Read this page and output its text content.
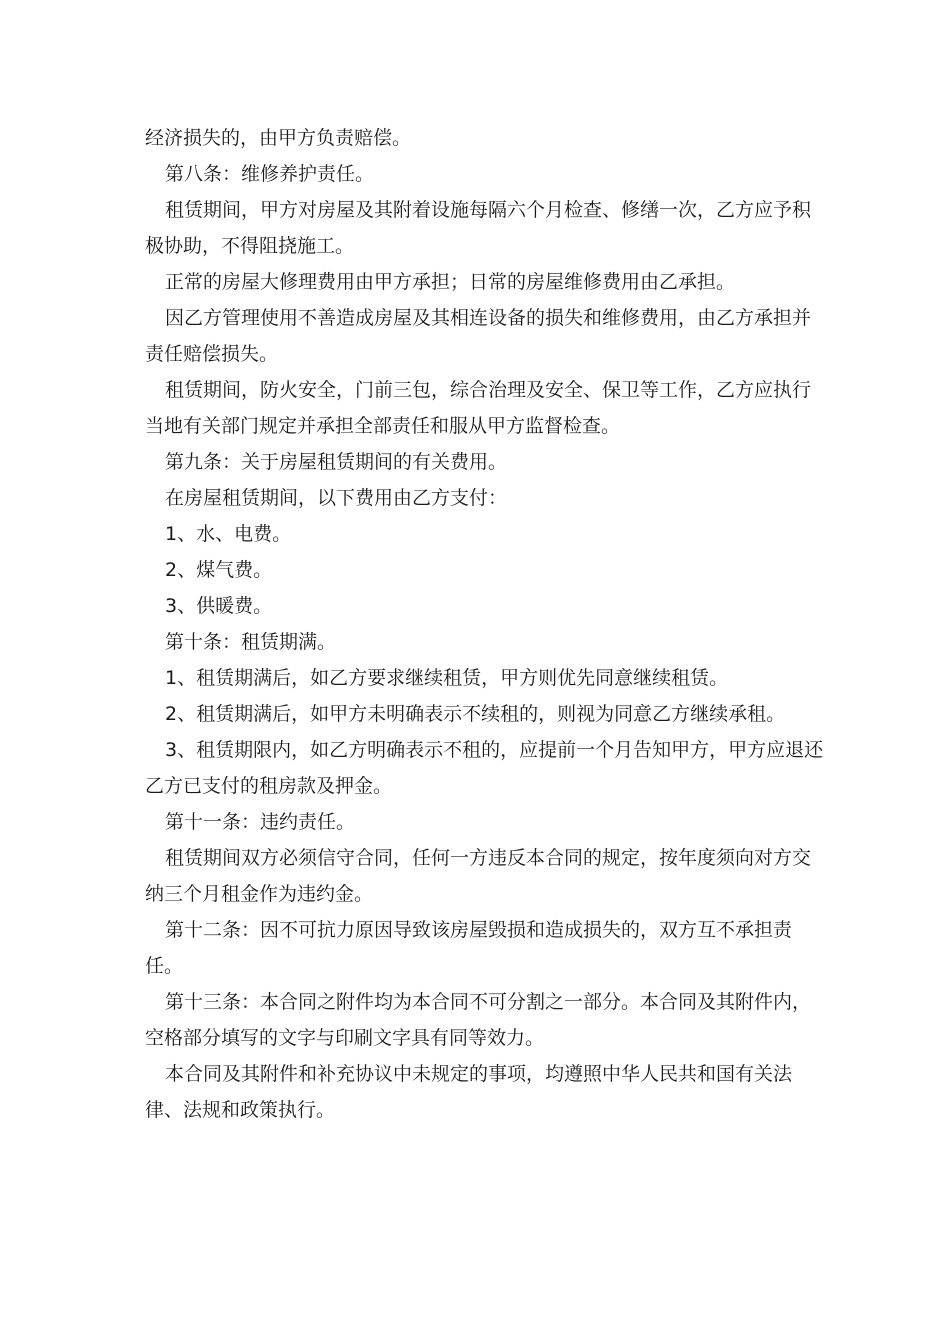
经济损失的，由甲方负责赔偿。

第八条：维修养护责任。

租赁期间，甲方对房屋及其附着设施每隔六个月检查、修缮一次，乙方应予积极协助，不得阻挠施工。

正常的房屋大修理费用由甲方承担；日常的房屋维修费用由乙承担。

因乙方管理使用不善造成房屋及其相连设备的损失和维修费用，由乙方承担并责任赔偿损失。

租赁期间，防火安全，门前三包，综合治理及安全、保卫等工作，乙方应执行当地有关部门规定并承担全部责任和服从甲方监督检查。

第九条：关于房屋租赁期间的有关费用。

在房屋租赁期间，以下费用由乙方支付：

1、水、电费。

2、煤气费。

3、供暖费。

第十条：租赁期满。

1、租赁期满后，如乙方要求继续租赁，甲方则优先同意继续租赁。

2、租赁期满后，如甲方未明确表示不续租的，则视为同意乙方继续承租。

3、租赁期限内，如乙方明确表示不租的，应提前一个月告知甲方，甲方应退还乙方已支付的租房款及押金。

第十一条：违约责任。

租赁期间双方必须信守合同，任何一方违反本合同的规定，按年度须向对方交纳三个月租金作为违约金。

第十二条：因不可抗力原因导致该房屋毁损和造成损失的，双方互不承担责任。

第十三条：本合同之附件均为本合同不可分割之一部分。本合同及其附件内，空格部分填写的文字与印刷文字具有同等效力。

本合同及其附件和补充协议中未规定的事项，均遵照中华人民共和国有关法律、法规和政策执行。
